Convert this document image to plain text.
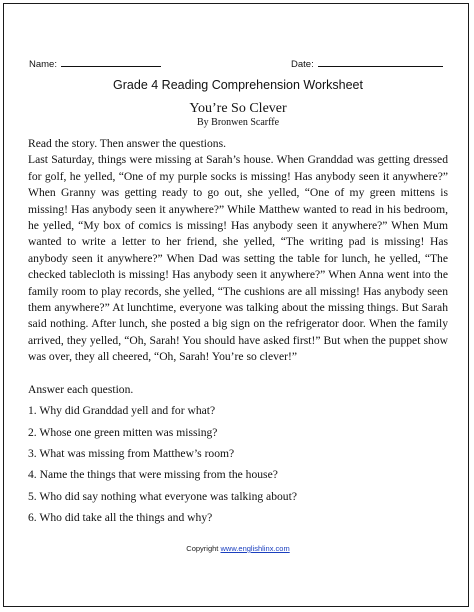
Name:	Date:
Grade 4 Reading Comprehension Worksheet
You’re So Clever
By Bronwen Scarffe

Read the story. Then answer the questions.

Last Saturday, things were missing at Sarah’s house. When Granddad was getting dressed for golf, he yelled, “One of my purple socks is missing! Has anybody seen it anywhere?” When Granny was getting ready to go out, she yelled, “One of my green mittens is missing! Has anybody seen it anywhere?” While Matthew wanted to read in his bedroom, he yelled, “My box of comics is missing! Has anybody seen it anywhere?” When Mum wanted to write a letter to her friend, she yelled, “The writing pad is missing! Has anybody seen it anywhere?” When Dad was setting the table for lunch, he yelled, “The checked tablecloth is missing! Has anybody seen it anywhere?” When Anna went into the family room to play records, she yelled, “The cushions are all missing! Has anybody seen them anywhere?” At lunchtime, everyone was talking about the missing things. But Sarah said nothing. After lunch, she posted a big sign on the refrigerator door. When the family arrived, they yelled, “Oh, Sarah! You should have asked first!” But when the puppet show was over, they all cheered, “Oh, Sarah! You’re so clever!”

Answer each question.

1. Why did Granddad yell and for what?
2. Whose one green mitten was missing?
3. What was missing from Matthew’s room?
4. Name the things that were missing from the house?
5. Who did say nothing what everyone was talking about?
6. Who did take all the things and why?
Copyright www.englishlinx.com
